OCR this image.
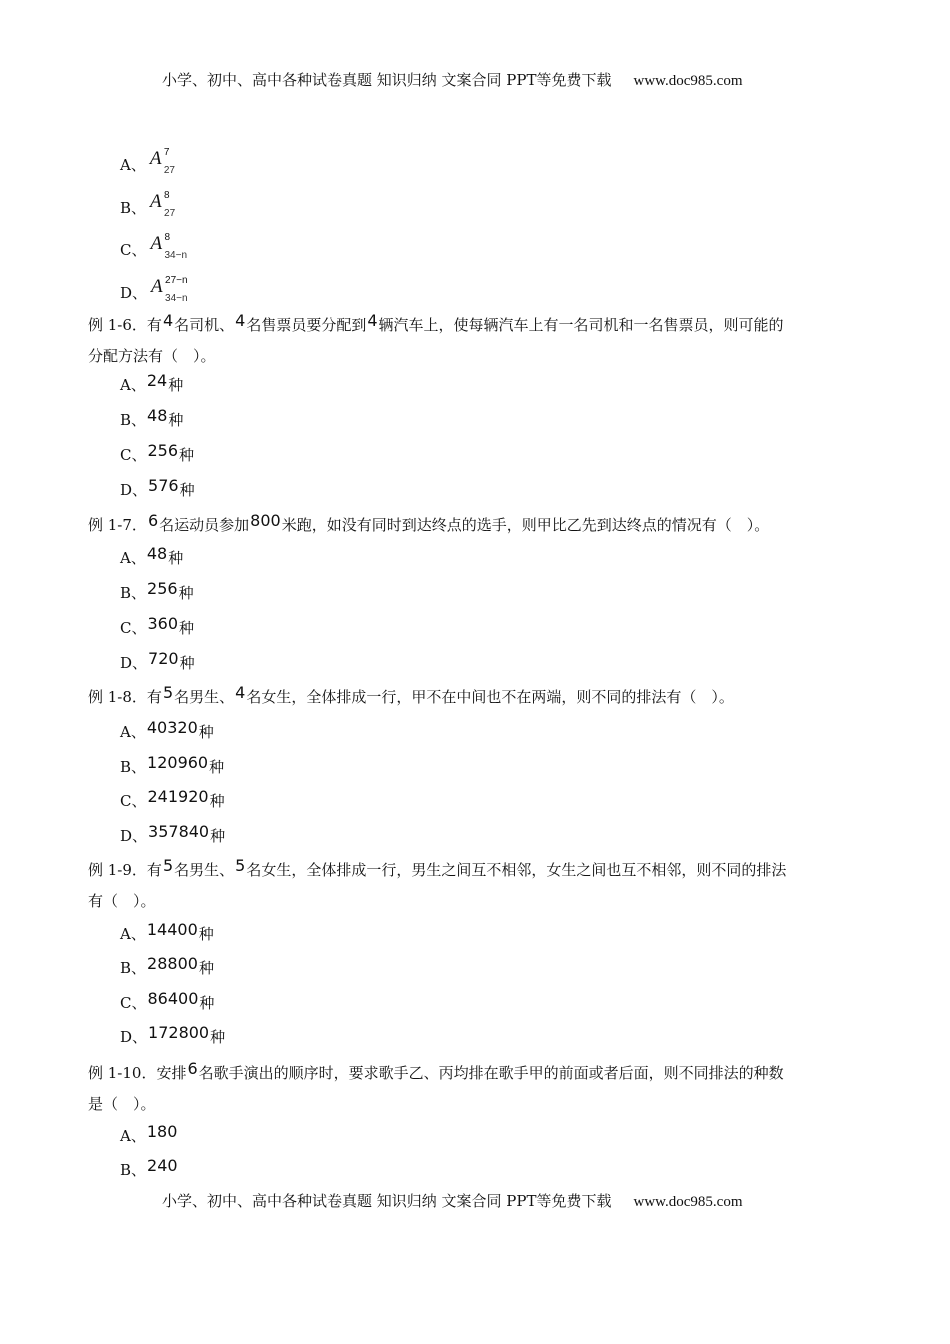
小学、初中、高中各种试卷真题 知识归纳 文案合同 PPT等免费下载 www.doc985.com
A、 A 7
27
B、 A 8
27
C、 A 8
34−n
D、 A 27−n
34−n
例 1-6．有4名司机、4名售票员要分配到4辆汽车上，使每辆汽车上有一名司机和一名售票员，则可能的
分配方法有（　）。
A、24种
B、48种
C、256种
D、576种
例 1-7．6名运动员参加800米跑，如没有同时到达终点的选手，则甲比乙先到达终点的情况有（　）。
A、48种
B、256种
C、360种
D、720种
例 1-8．有5名男生、4名女生，全体排成一行，甲不在中间也不在两端，则不同的排法有（　）。
A、40320种
B、120960种
C、241920种
D、357840种
例 1-9．有5名男生、5名女生，全体排成一行，男生之间互不相邻，女生之间也互不相邻，则不同的排法
有（　）。
A、14400种
B、28800种
C、86400种
D、172800种
例 1-10．安排6名歌手演出的顺序时，要求歌手乙、丙均排在歌手甲的前面或者后面，则不同排法的种数
是（　）。
A、180
B、240
小学、初中、高中各种试卷真题 知识归纳 文案合同 PPT等免费下载 www.doc985.com
